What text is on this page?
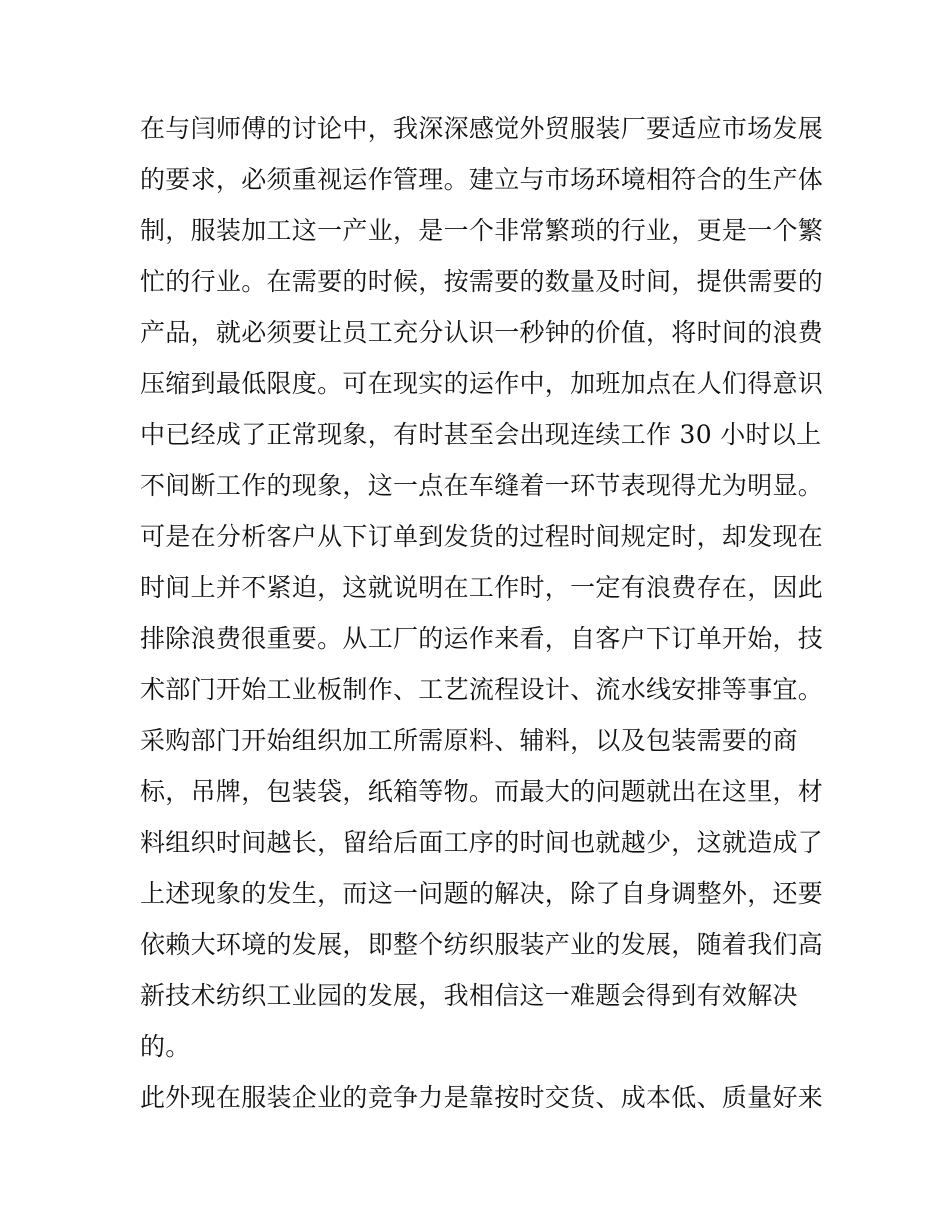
在与闫师傅的讨论中，我深深感觉外贸服装厂要适应市场发展
的要求，必须重视运作管理。建立与市场环境相符合的生产体
制，服装加工这一产业，是一个非常繁琐的行业，更是一个繁
忙的行业。在需要的时候，按需要的数量及时间，提供需要的
产品，就必须要让员工充分认识一秒钟的价值，将时间的浪费
压缩到最低限度。可在现实的运作中，加班加点在人们得意识
中已经成了正常现象，有时甚至会出现连续工作 30 小时以上
不间断工作的现象，这一点在车缝着一环节表现得尤为明显。
可是在分析客户从下订单到发货的过程时间规定时，却发现在
时间上并不紧迫，这就说明在工作时，一定有浪费存在，因此
排除浪费很重要。从工厂的运作来看，自客户下订单开始，技
术部门开始工业板制作、工艺流程设计、流水线安排等事宜。
采购部门开始组织加工所需原料、辅料，以及包装需要的商
标，吊牌，包装袋，纸箱等物。而最大的问题就出在这里，材
料组织时间越长，留给后面工序的时间也就越少，这就造成了
上述现象的发生，而这一问题的解决，除了自身调整外，还要
依赖大环境的发展，即整个纺织服装产业的发展，随着我们高
新技术纺织工业园的发展，我相信这一难题会得到有效解决
的。
此外现在服装企业的竞争力是靠按时交货、成本低、质量好来
